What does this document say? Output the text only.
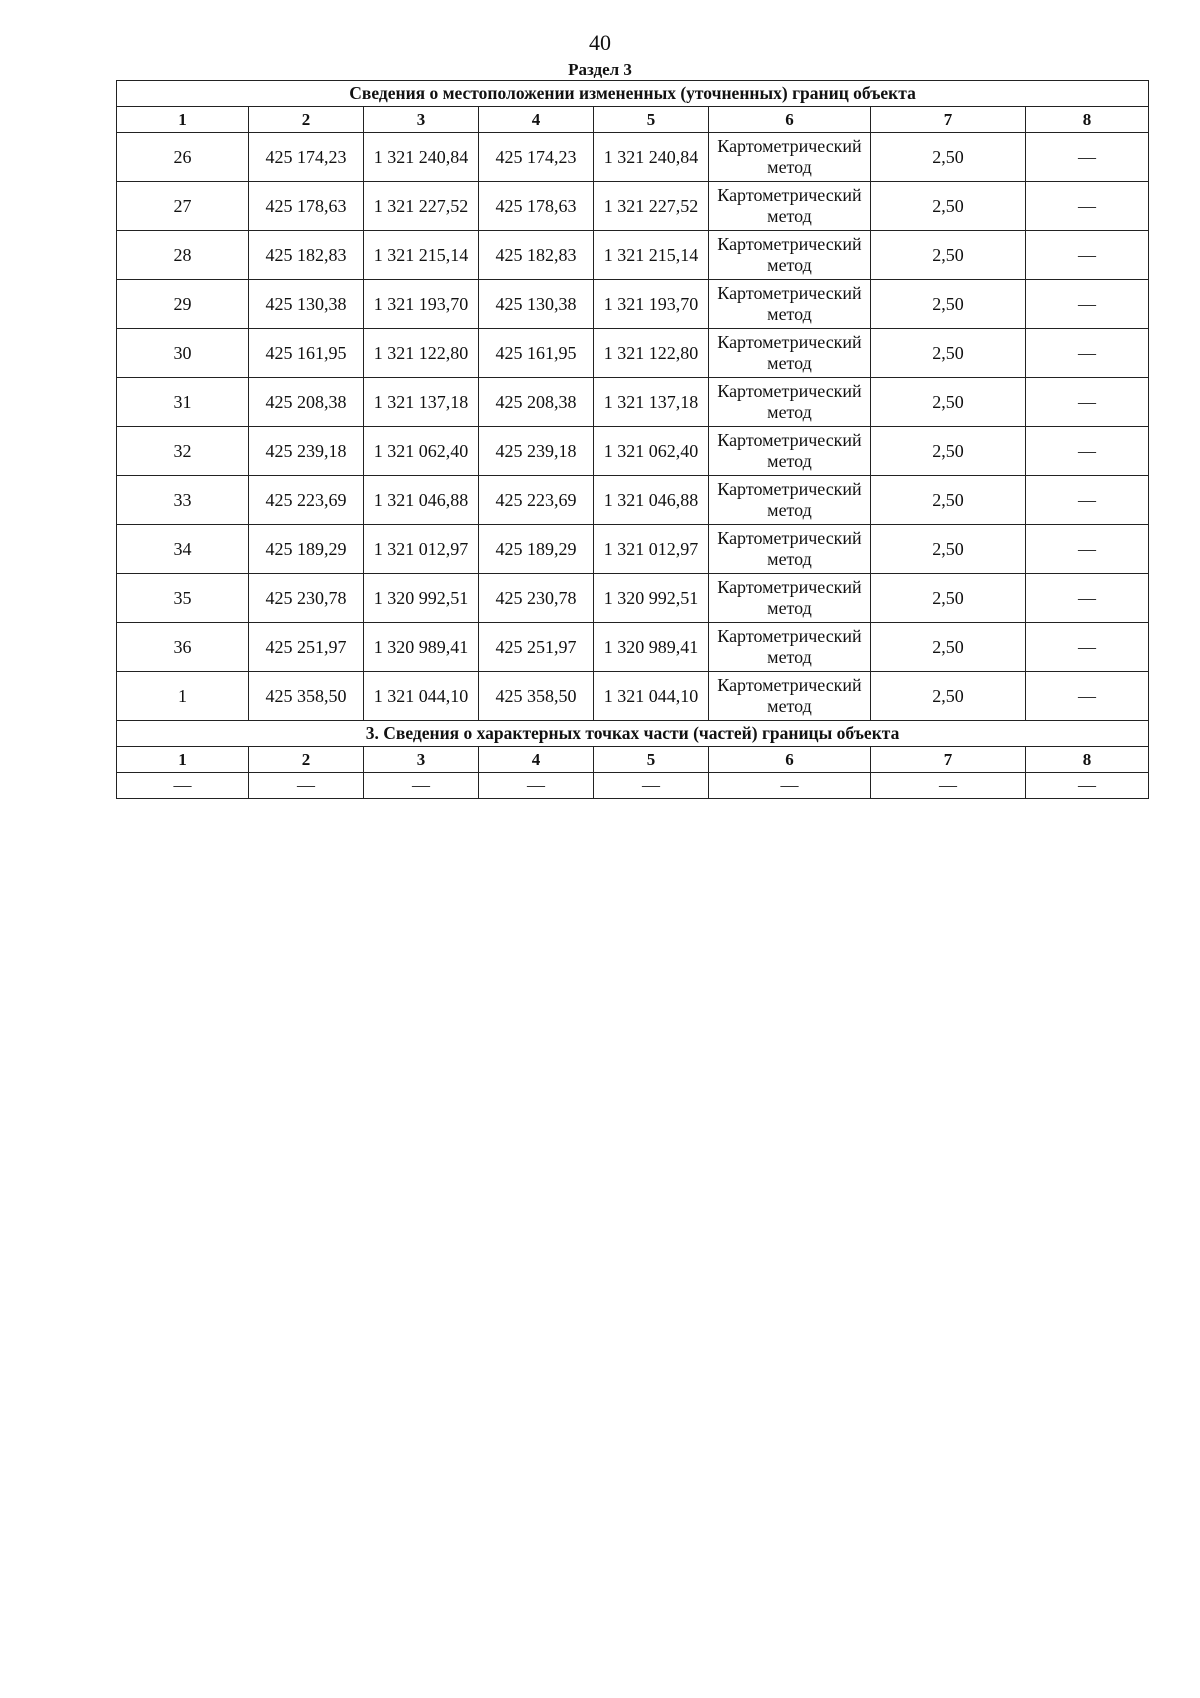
40
Раздел 3
Сведения о местоположении измененных (уточненных) границ объекта							
1	2	3	4	5	6	7	8
26	425 174,23	1 321 240,84	425 174,23	1 321 240,84	Картометрический метод	2,50	—
27	425 178,63	1 321 227,52	425 178,63	1 321 227,52	Картометрический метод	2,50	—
28	425 182,83	1 321 215,14	425 182,83	1 321 215,14	Картометрический метод	2,50	—
29	425 130,38	1 321 193,70	425 130,38	1 321 193,70	Картометрический метод	2,50	—
30	425 161,95	1 321 122,80	425 161,95	1 321 122,80	Картометрический метод	2,50	—
31	425 208,38	1 321 137,18	425 208,38	1 321 137,18	Картометрический метод	2,50	—
32	425 239,18	1 321 062,40	425 239,18	1 321 062,40	Картометрический метод	2,50	—
33	425 223,69	1 321 046,88	425 223,69	1 321 046,88	Картометрический метод	2,50	—
34	425 189,29	1 321 012,97	425 189,29	1 321 012,97	Картометрический метод	2,50	—
35	425 230,78	1 320 992,51	425 230,78	1 320 992,51	Картометрический метод	2,50	—
36	425 251,97	1 320 989,41	425 251,97	1 320 989,41	Картометрический метод	2,50	—
1	425 358,50	1 321 044,10	425 358,50	1 321 044,10	Картометрический метод	2,50	—
3. Сведения о характерных точках части (частей) границы объекта							
1	2	3	4	5	6	7	8
—	—	—	—	—	—	—	—
